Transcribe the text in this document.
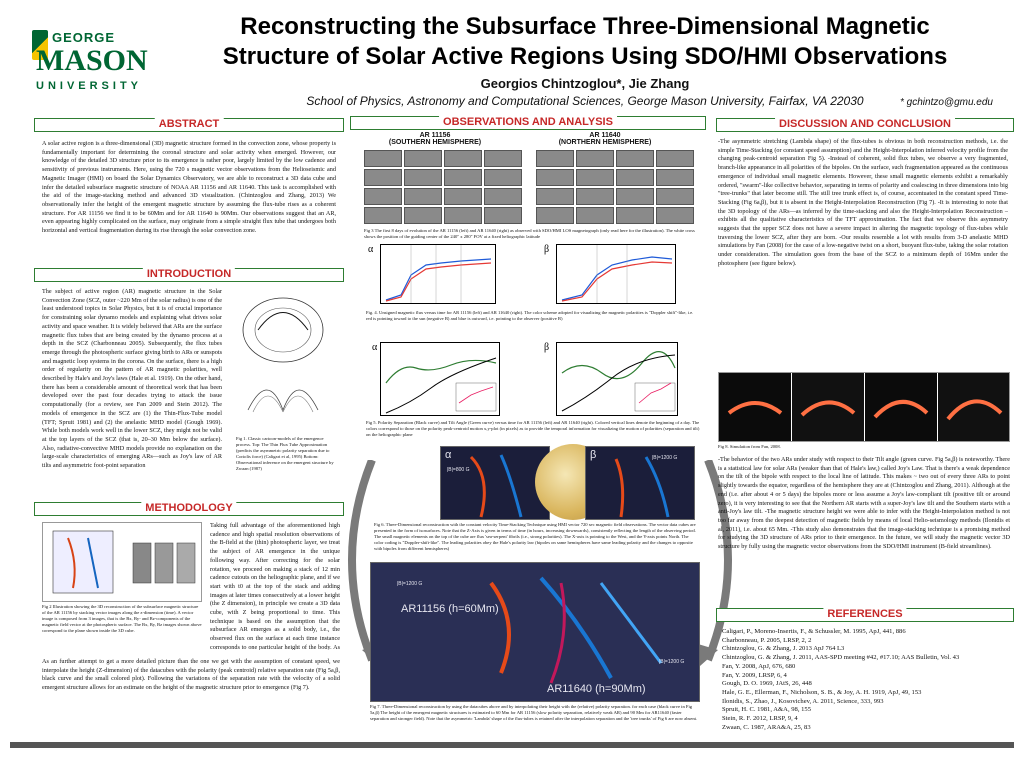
GEORGE
MASON
UNIVERSITY
Reconstructing the Subsurface Three-Dimensional Magnetic
Structure of Solar Active Regions Using SDO/HMI Observations
Georgios Chintzoglou*, Jie Zhang
School of Physics, Astronomy and Computational Sciences, George Mason University, Fairfax, VA 22030	* gchintzo@gmu.edu
ABSTRACT
A solar active region is a three-dimensional (3D) magnetic structure formed in the convection zone, whose property is fundamentally important for determining the coronal structure and solar activity when emerged. However, our knowledge of the detailed 3D structure prior to its emergence is rather poor, largely limited by the low cadence and sensitivity of previous instruments. Here, using the 720 s magnetic vector observations from the Helioseismic and Magnetic Imager (HMI) on board the Solar Dynamics Observatory, we are able to reconstruct a 3D data cube and infer the detailed subsurface magnetic structure of NOAA AR 11156 and AR 11640. This task is accomplished with the aid of the image-stacking method and advanced 3D visualization. (Chintzoglou and Zhang, 2013) We observationally infer the height of the emergent magnetic structure by assuming the flux-tube rises as a coherent structure. For AR 11156 we find it to be 60Mm and for AR 11640 is 90Mm. Our observations suggest that an AR, even appearing highly complicated on the surface, may originate from a simple straight flux tube that undergoes both horizontal and vertical fragmentation during its rise through the solar convection zone.
INTRODUCTION
The subject of active region (AR) magnetic structure in the Solar Convection Zone (SCZ, outer ~220 Mm of the solar radius) is one of the least understood topics in Solar Physics, but it is of crucial importance for constraining solar dynamo models and explaining what drives solar activity and space weather. It is widely believed that ARs are the surface magnetic flux tubes that are being created by the dynamo process at a depth in the SCZ (Charbonneau 2005). Subsequently, the flux tubes emerge through the photospheric surface giving birth to ARs or sunspots and magnetic loop systems in the corona. On the surface, there is a high order of regularity on the pattern of AR magnetic polarities, well described by Hale's and Joy's laws (Hale et al. 1919). On the other hand, there has been a considerable amount of theoretical work that has been developed over the past four decades trying to attack the issue computationally (for a review, see Fan 2009 and Stein 2012). The models of emergence in the SCZ are (1) the Thin-Flux-Tube model (TFT; Spruit 1981) and (2) the anelastic MHD model (Gough 1969). While both models work well in the lower SCZ, they might not be valid at the top layers of the SCZ (that is, 20–30 Mm below the surface). Also, radiative-convective MHD models provide no explanation on the large-scale characteristics of emerging ARs—such as Joy's law of AR tilts and asymmetric foot-point separation
Fig 1. Classic cartoon-models of the emergence process. Top: The Thin Flux Tube Approximation (predicts the asymmetric polarity separation due to Coriolis force) (Caligari et al, 1995) Bottom: Observational inference on the emergent structure by Zwaan (1987)
METHODOLOGY
Fig 2 Illustration showing the 3D reconstruction of the subsurface magnetic structure of the AR 11156 by stacking vector images along the z-dimension (time). A vector image is composed from 3 images, that is the Bx, By- and Bz-components of the magnetic field vector at the photospheric surface. The Bx, By, Bz images shown above correspond to the plane shown inside the 3D cube.
Taking full advantage of the aforementioned high cadence and high spatial resolution observations of the B-field at the (thin) photospheric layer, we treat the subject of AR emergence in the unique following way. After correcting for the solar rotation, we proceed on making a stack of 12 min cadence cutouts on the heliographic plane, and if we start with t0 at the top of the stack and adding images at later times consecutively at a lower height (the Z dimension), in principle we create a 3D data cube, with Z being proportional to time. This technique is based on the assumption that the subsurface AR emerges as a solid body, i.e., the observed flux on the surface at each time instance corresponds to one particular height of the body. As
As an further attempt to get a more detailed picture than the one we get with the assumption of constant speed, we interpolate the height (Z-dimension) of the datacubes with the polarity (peak centroid) relative separation rate (Fig 5a,β, black curve and the small colored plot). Following the variations of the separation rate with the velocity of a solid emergent structure allows for an estimate on the height of the magnetic structure prior to emergence (Fig 7).
OBSERVATIONS AND ANALYSIS
AR 11156
(SOUTHERN HEMISPHERE)
AR 11640
(NORTHERN HEMISPHERE)
Fig 3 The first 8 days of evolution of the AR 11156 (left) and AR 11640 (right) as observed with SDO/HMI LOS magnetograph (only read here for the illustration). The white cross shows the position of the guiding center of the 240" x 280" FOV at a fixed heliographic latitude
α	β
Fig. 4. Unsigned magnetic flux versus time for AR 11156 (left) and AR 11640 (right). The color scheme adopted for visualizing the magnetic polarities is "Doppler shift"-like, i.e. red is pointing toward to the sun (negative B) and blue is outward, i.e. pointing to the observer (positive B)
α	β
Fig 5. Polarity Separation (Black curve) and Tilt Angle (Green curve) versus time for AR 11156 (left) and AR 11640 (right). Colored vertical lines denote the beginning of a day. The colors correspond to those on the polarity peak-centroid motion x,y-plot (in pixels) as to provide the temporal information for visualizing the motion of polarities (separation and tilt) on the heliographic plane
α
|B|=800 G
β	|B|=1200 G
Fig 6. Three-Dimensional reconstruction with the constant velocity Time-Stacking Technique using HMI vector 720 sec magnetic field observations. The vector data cubes are presented in the form of isosurfaces. Note that the Z-Axis is given in terms of time (in hours, increasing downwards), consistently reflecting the length of the observing period. The small magnetic elements on the top of the cube are flux 'sea-serpent' fibrils (i.e., strong polarities). The X-axis is pointing to the West, and the Y-axis points North. The color coding is "Doppler-shift-like". The leading polarities obey the Hale's polarity law (bipoles on same hemispheres have same leading polarity and the changes to opposite with bipoles from different hemispheres)
|B|=1200 G
AR11156 (h=60Mm)
|B|=1200 G
AR11640 (h=90Mm)
Fig 7. Three-Dimensional reconstruction by using the datacubes above and by interpolating their height with the (relative) polarity separation. for each case (black curve in Fig 5a,β) The height of the emergent magnetic structures is estimated to 60 Mm for AR 11156 (slow polarity separation, relatively weak AR) and 90 Mm for AR11640 (faster separation and stronger field). Note that the asymmetric 'Lambda' shape of the flux-tubes is retained after the interpolation separation and the 'tree trunks' of Fig 6 are now absent.
DISCUSSION AND CONCLUSION
-The asymmetric stretching (Lambda shape) of the flux-tubes is obvious in both reconstruction methods, i.e. the simple Time-Stacking (or constant speed assumption) and the Height-Interpolation inferred velocity profile from the changing peak-centroid separation Fig 5). -Instead of coherent, solid flux tubes, we observe a very fragmented, branch-like appearance in all polarities of the bipoles. On the surface, such fragmentation appeared as the continuous emergence of individual small magnetic elements. However, these small magnetic elements exhibit a remarkably ordered, "swarm"-like collective behavior, separating in terms of polarity and coalescing in three dimensions into big "tree-trunks" that later become still. The still tree trunk effect is, of course, accentuated in the constant speed Time-Stacking (Fig 6a,β), but it is absent in the Height-Interpolation Reconstruction (Fig 7). -It is interesting to note that the 3D topology of the ARs—as inferred by the time-stacking and also the Height-Interpolation Reconstruction – exhibits all the qualitative characteristics of the TFT approximation. The fact that we observe this asymmetry suggests that the upper SCZ does not have a severe impact in altering the magnetic topology of flux-tubes while traversing the lower SCZ, after they are born. -Our results resemble a lot with results from 3-D anelastic MHD simulations by Fan (2008) for the case of a low-negative twist on a short, buoyant flux-tube, taking the solar rotation under consideration. The simulation goes from the base of the SCZ to a minimum depth of 16Mm under the photosphere (see figure below).
Fig 8. Simulation from Fan, 2008.
-The behavior of the two ARs under study with respect to their Tilt angle (green curve. Fig 5a,β) is noteworthy. There is a statistical law for solar ARs (weaker than that of Hale's law,) called Joy's Law. That is there's a weak dependence on the tilt of the bipole with respect to the local line of latitude. This makes ~ two out of every three ARs to point slightly towards the equator, regardless of the hemisphere they are at (Chintzoglou and Zhang, 2011). Although at the end (i.e. after about 4 or 5 days) the bipoles more or less assume a Joy's law-compliant tilt (positive tilt or around zero), it is very interesting to see that the Northern AR starts with a super-Joy's law tilt and the Southern starts with a anti-Joy's law tilt. -The magnetic structure height we were able to infer with the Height-Interpolation method is not too far away from the deepest detection of magnetic fields by means of local Helio-seismology methods (Ilonidis et al, 2011), i.e. about 65 Mm. -This study also demonstrates that the image-stacking technique is a promising method for studying the 3D structure of ARs prior to their emergence. In the future, we will study the magnetic vector 3D structure by fully using the magnetic vector observations from the SDO/HMI instrument (B-field streamlines).
REFERENCES
Caligari, P., Moreno-Insertis, F., & Schussler, M. 1995, ApJ, 441, 886
Charbonneau, P. 2005, LRSP, 2, 2
Chintzoglou, G. & Zhang, J. 2013 ApJ 764 L3
Chintzoglou, G. & Zhang, J. 2011, AAS-SPD meeting #42, #17.10; AAS Bulletin, Vol. 43
Fan, Y. 2008, ApJ, 676, 680
Fan, Y. 2009, LRSP, 6, 4
Gough, D. O. 1969, JAtS, 26, 448
Hale, G. E., Ellerman, F., Nicholson, S. B., & Joy, A. H. 1919, ApJ, 49, 153
Ilonidis, S., Zhao, J., Kosovichev, A. 2011, Science, 333, 993
Spruit, H. C. 1981, A&A, 98, 155
Stein, R. F. 2012, LRSP, 9, 4
Zwaan, C. 1987, ARA&A, 25, 83
